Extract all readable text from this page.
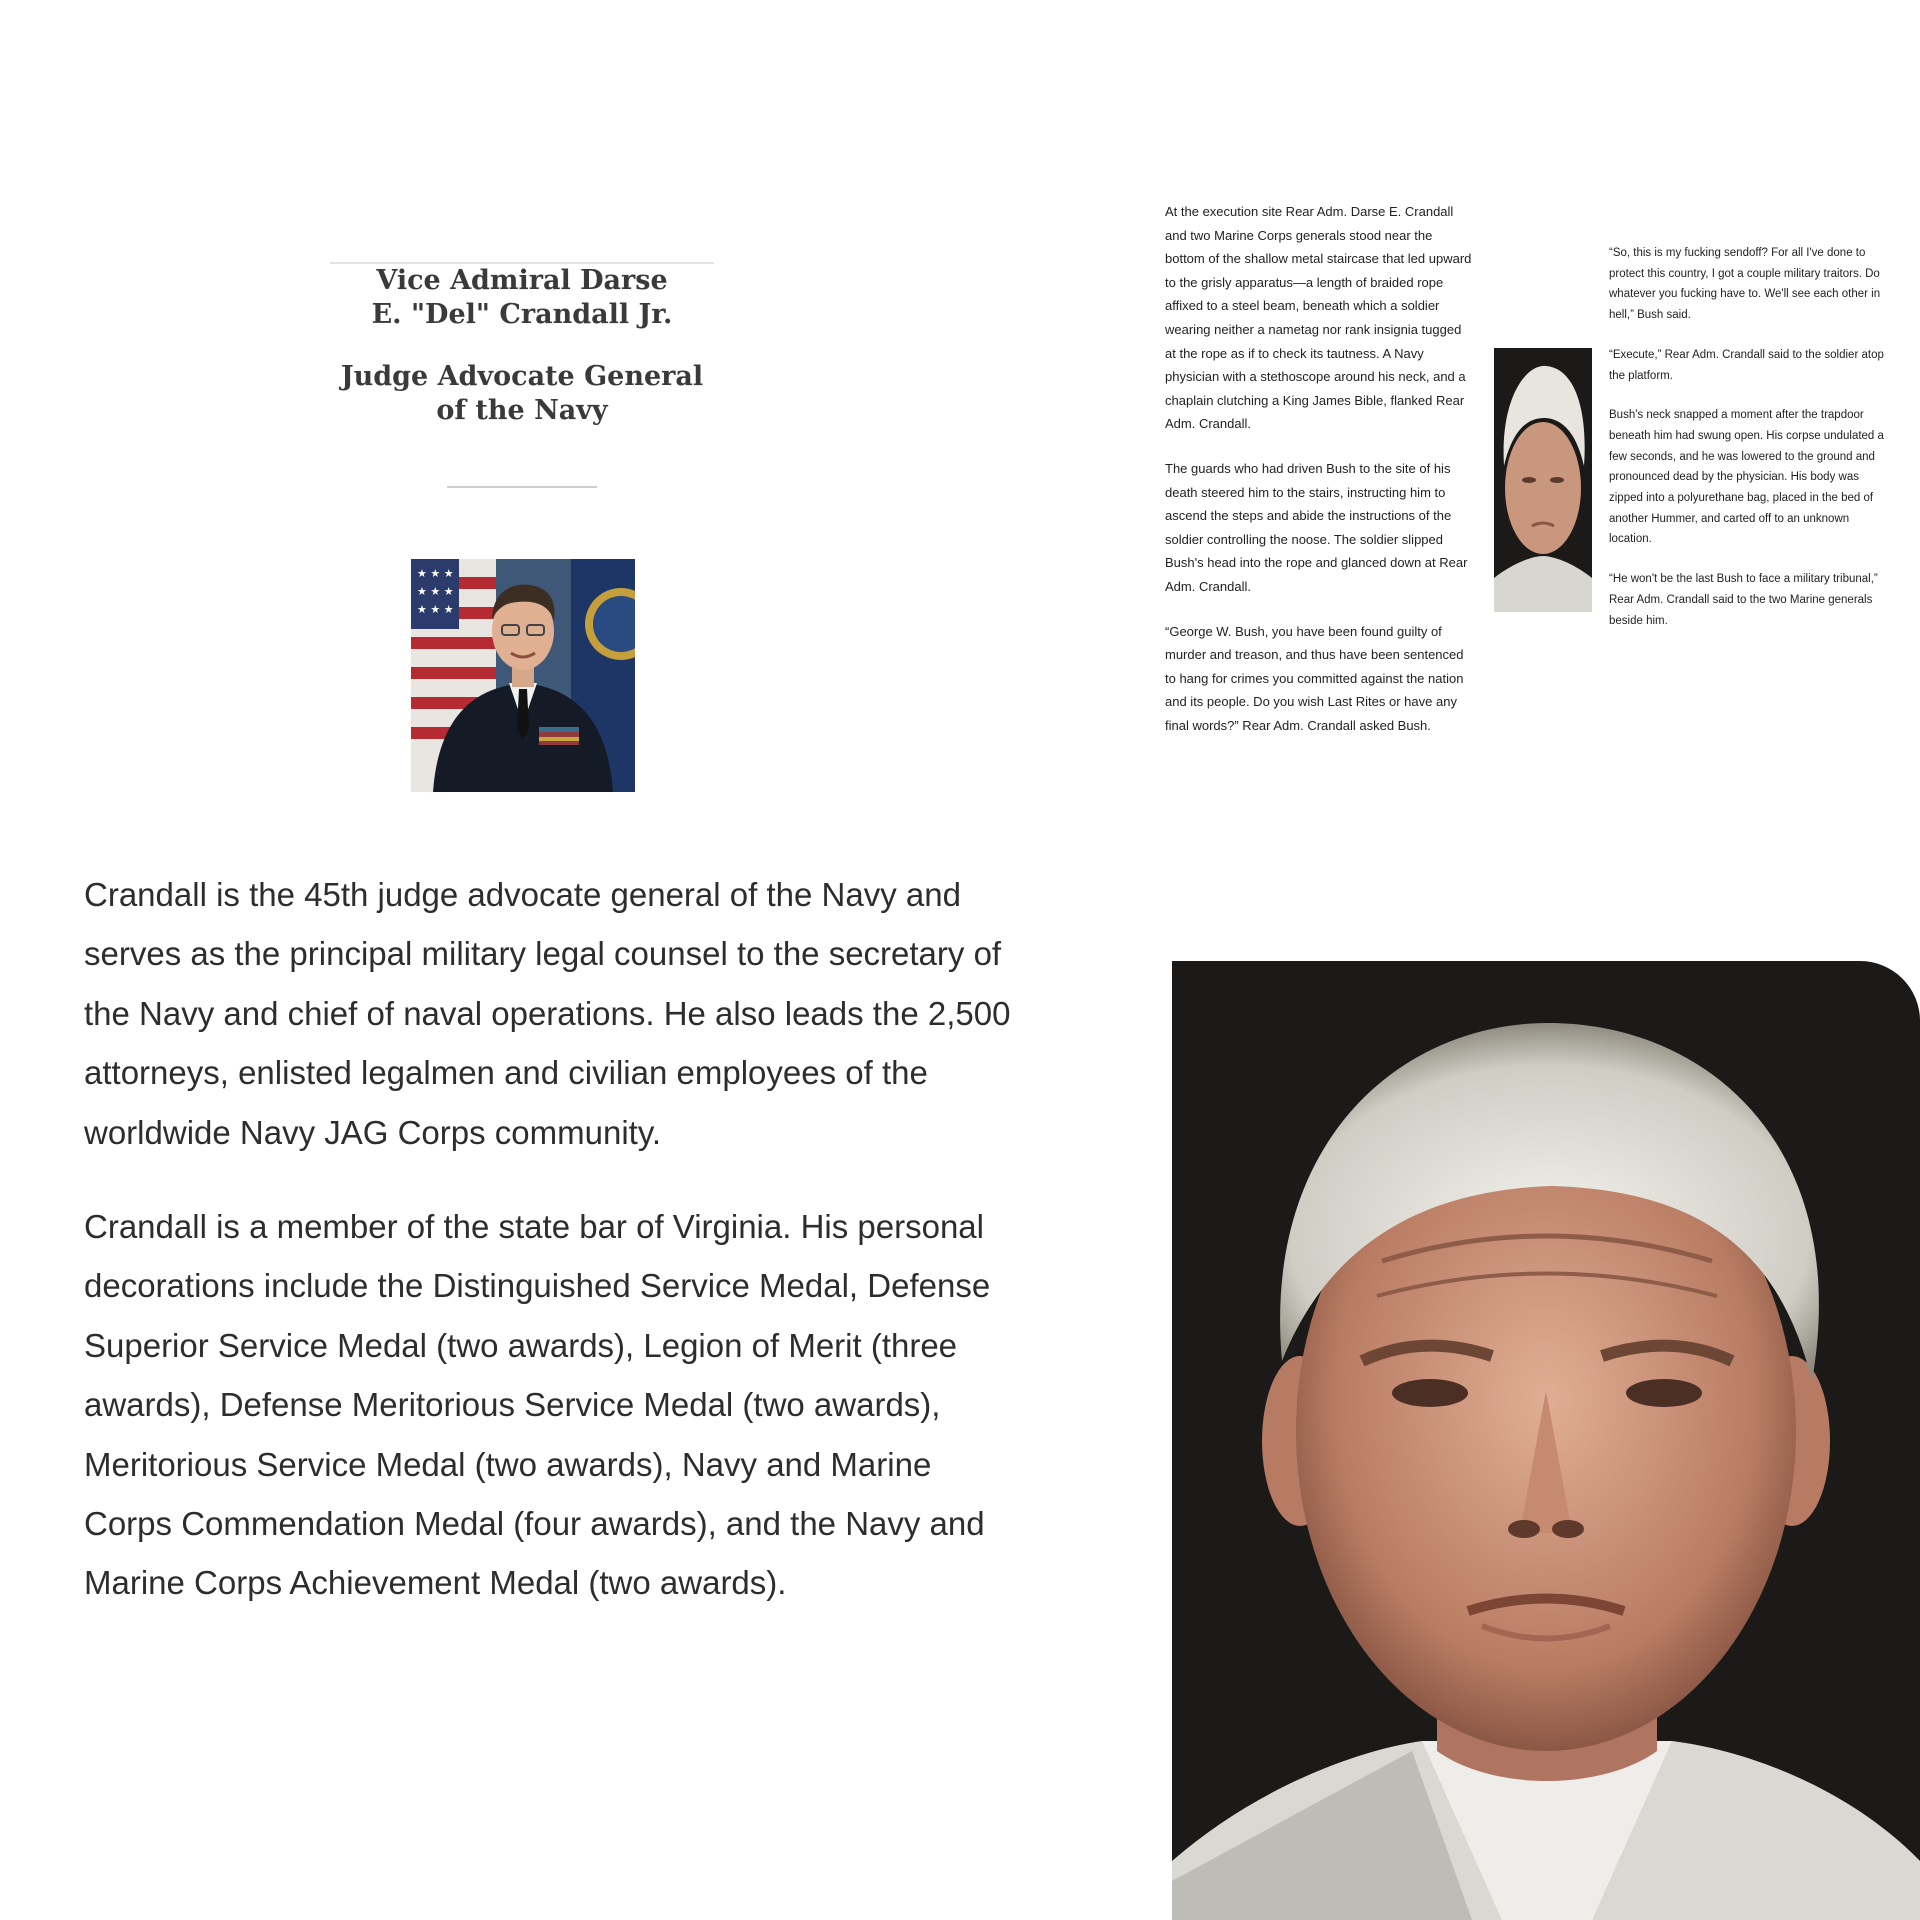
Vice Admiral Darse E. "Del" Crandall Jr.
Judge Advocate General of the Navy
★ ★ ★
★ ★ ★
★ ★ ★

Crandall is the 45th judge advocate general of the Navy and serves as the principal military legal counsel to the secretary of the Navy and chief of naval operations. He also leads the 2,500 attorneys, enlisted legalmen and civilian employees of the worldwide Navy JAG Corps community.

Crandall is a member of the state bar of Virginia. His personal decorations include the Distinguished Service Medal, Defense Superior Service Medal (two awards), Legion of Merit (three awards), Defense Meritorious Service Medal (two awards), Meritorious Service Medal (two awards), Navy and Marine Corps Commendation Medal (four awards), and the Navy and Marine Corps Achievement Medal (two awards).

At the execution site Rear Adm. Darse E. Crandall and two Marine Corps generals stood near the bottom of the shallow metal staircase that led upward to the grisly apparatus—a length of braided rope affixed to a steel beam, beneath which a soldier wearing neither a nametag nor rank insignia tugged at the rope as if to check its tautness. A Navy physician with a stethoscope around his neck, and a chaplain clutching a King James Bible, flanked Rear Adm. Crandall.

The guards who had driven Bush to the site of his death steered him to the stairs, instructing him to ascend the steps and abide the instructions of the soldier controlling the noose. The soldier slipped Bush's head into the rope and glanced down at Rear Adm. Crandall.

“George W. Bush, you have been found guilty of murder and treason, and thus have been sentenced to hang for crimes you committed against the nation and its people. Do you wish Last Rites or have any final words?” Rear Adm. Crandall asked Bush.

“So, this is my fucking sendoff? For all I've done to protect this country, I got a couple military traitors. Do whatever you fucking have to. We'll see each other in hell,” Bush said.

“Execute,” Rear Adm. Crandall said to the soldier atop the platform.

Bush's neck snapped a moment after the trapdoor beneath him had swung open. His corpse undulated a few seconds, and he was lowered to the ground and pronounced dead by the physician. His body was zipped into a polyurethane bag, placed in the bed of another Hummer, and carted off to an unknown location.

“He won't be the last Bush to face a military tribunal,” Rear Adm. Crandall said to the two Marine generals beside him.
